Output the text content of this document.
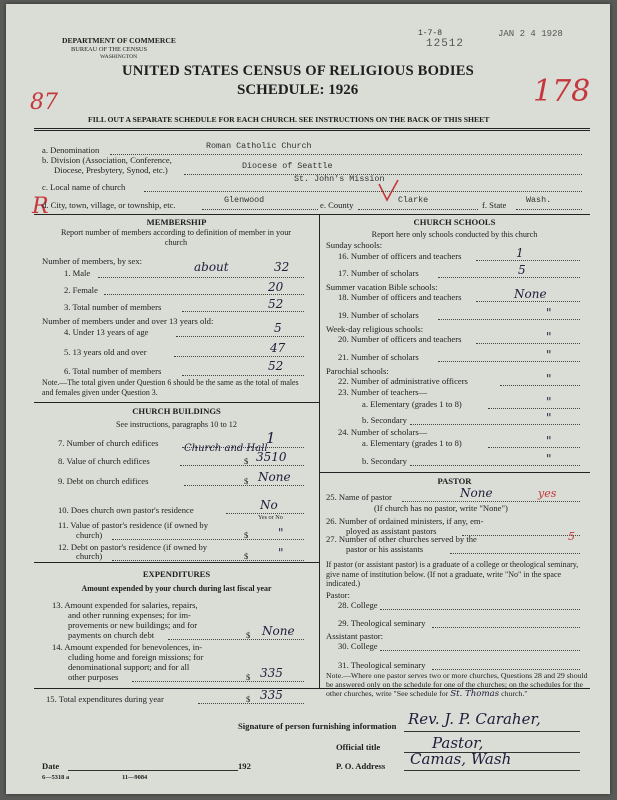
DEPARTMENT OF COMMERCE
BUREAU OF THE CENSUS
WASHINGTON
UNITED STATES CENSUS OF RELIGIOUS BODIES
SCHEDULE: 1926
FILL OUT A SEPARATE SCHEDULE FOR EACH CHURCH. SEE INSTRUCTIONS ON THE BACK OF THIS SHEET
1-7-8
12512
JAN 2 4 1928
87	178
R
a. Denomination	Roman Catholic Church
b. Division (Association, Conference,
Diocese, Presbytery, Synod, etc.)	Diocese of Seattle
St. John's Mission
c. Local name of church
d. City, town, village, or township, etc.	Glenwood	e. County	Clarke	f. State Wash.
MEMBERSHIP
Report number of members according to definition of member in your church
Number of members, by sex:
1. Male	about	32
2. Female	20
3. Total number of members	52
Number of members under and over 13 years old:
4. Under 13 years of age	5
5. 13 years old and over	47
6. Total number of members	52
Note.—The total given under Question 6 should be the same as the total of males and females given under Question 3.
CHURCH BUILDINGS
See instructions, paragraphs 10 to 12
7. Number of church edifices	1
Church and Hall
8. Value of church edifices	$ 3510
9. Debt on church edifices	$ None
10. Does church own pastor's residence	No
Yes or No
11. Value of pastor's residence (if owned by
church)	$ "
12. Debt on pastor's residence (if owned by
church)	$ "
EXPENDITURES
Amount expended by your church during last fiscal year
13. Amount expended for salaries, repairs,
and other running expenses; for im-
provements or new buildings; and for
payments on church debt	$ None
14. Amount expended for benevolences, in-
cluding home and foreign missions; for
denominational support; and for all
other purposes	$ 335
15. Total expenditures during year	$ 335
CHURCH SCHOOLS
Report here only schools conducted by this church
Sunday schools:
16. Number of officers and teachers	1
17. Number of scholars	5
Summer vacation Bible schools:
18. Number of officers and teachers	None
19. Number of scholars	"
Week-day religious schools:
20. Number of officers and teachers	"
21. Number of scholars	"
Parochial schools:
22. Number of administrative officers	"
23. Number of teachers—
a. Elementary (grades 1 to 8)	"
b. Secondary	"
24. Number of scholars—
a. Elementary (grades 1 to 8)	"
b. Secondary	"
PASTOR
25. Name of pastor	None	yes
(If church has no pastor, write "None")
26. Number of ordained ministers, if any, em-
ployed as assistant pastors
27. Number of other churches served by the
pastor or his assistants
5
If pastor (or assistant pastor) is a graduate of a college or theological seminary, give name of institution below. (If not a graduate, write "No" in the space indicated.)
Pastor:
28. College
29. Theological seminary
Assistant pastor:
30. College
31. Theological seminary
Note.—Where one pastor serves two or more churches, Questions 28 and 29 should be answered only on the schedule for one of the churches; on the schedules for the other churches, write "See schedule for St. Thomas church."
Signature of person furnishing information Rev. J. P. Caraher,
Official title	Pastor,
Date	192	P. O. Address Camas, Wash
6—5318 a	11—9084
